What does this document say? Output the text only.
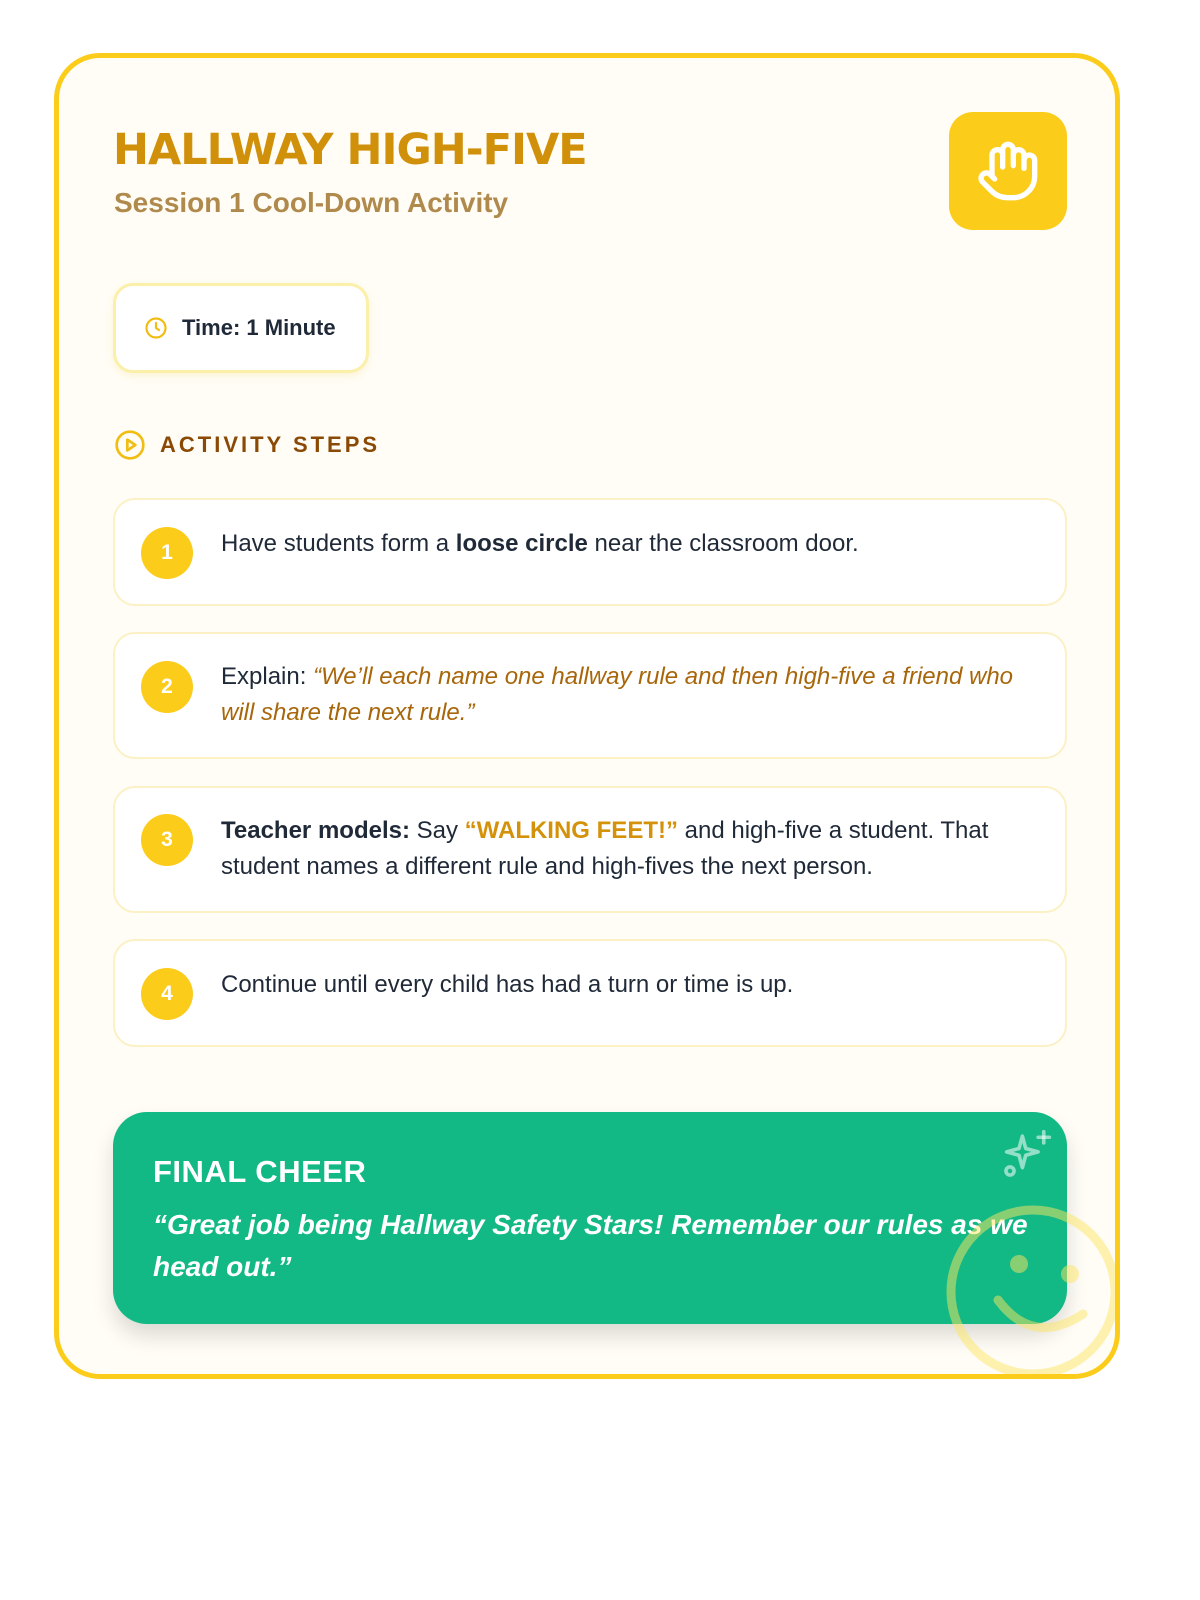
HALLWAY HIGH-FIVE
Session 1 Cool-Down Activity
Time: 1 Minute
ACTIVITY STEPS
1	Have students form a loose circle near the classroom door.
2	Explain: “We’ll each name one hallway rule and then high-five a friend who will share the next rule.”
3	Teacher models: Say “WALKING FEET!” and high-five a student. That student names a different rule and high-fives the next person.
4	Continue until every child has had a turn or time is up.
FINAL CHEER
“Great job being Hallway Safety Stars! Remember our rules as we head out.”
